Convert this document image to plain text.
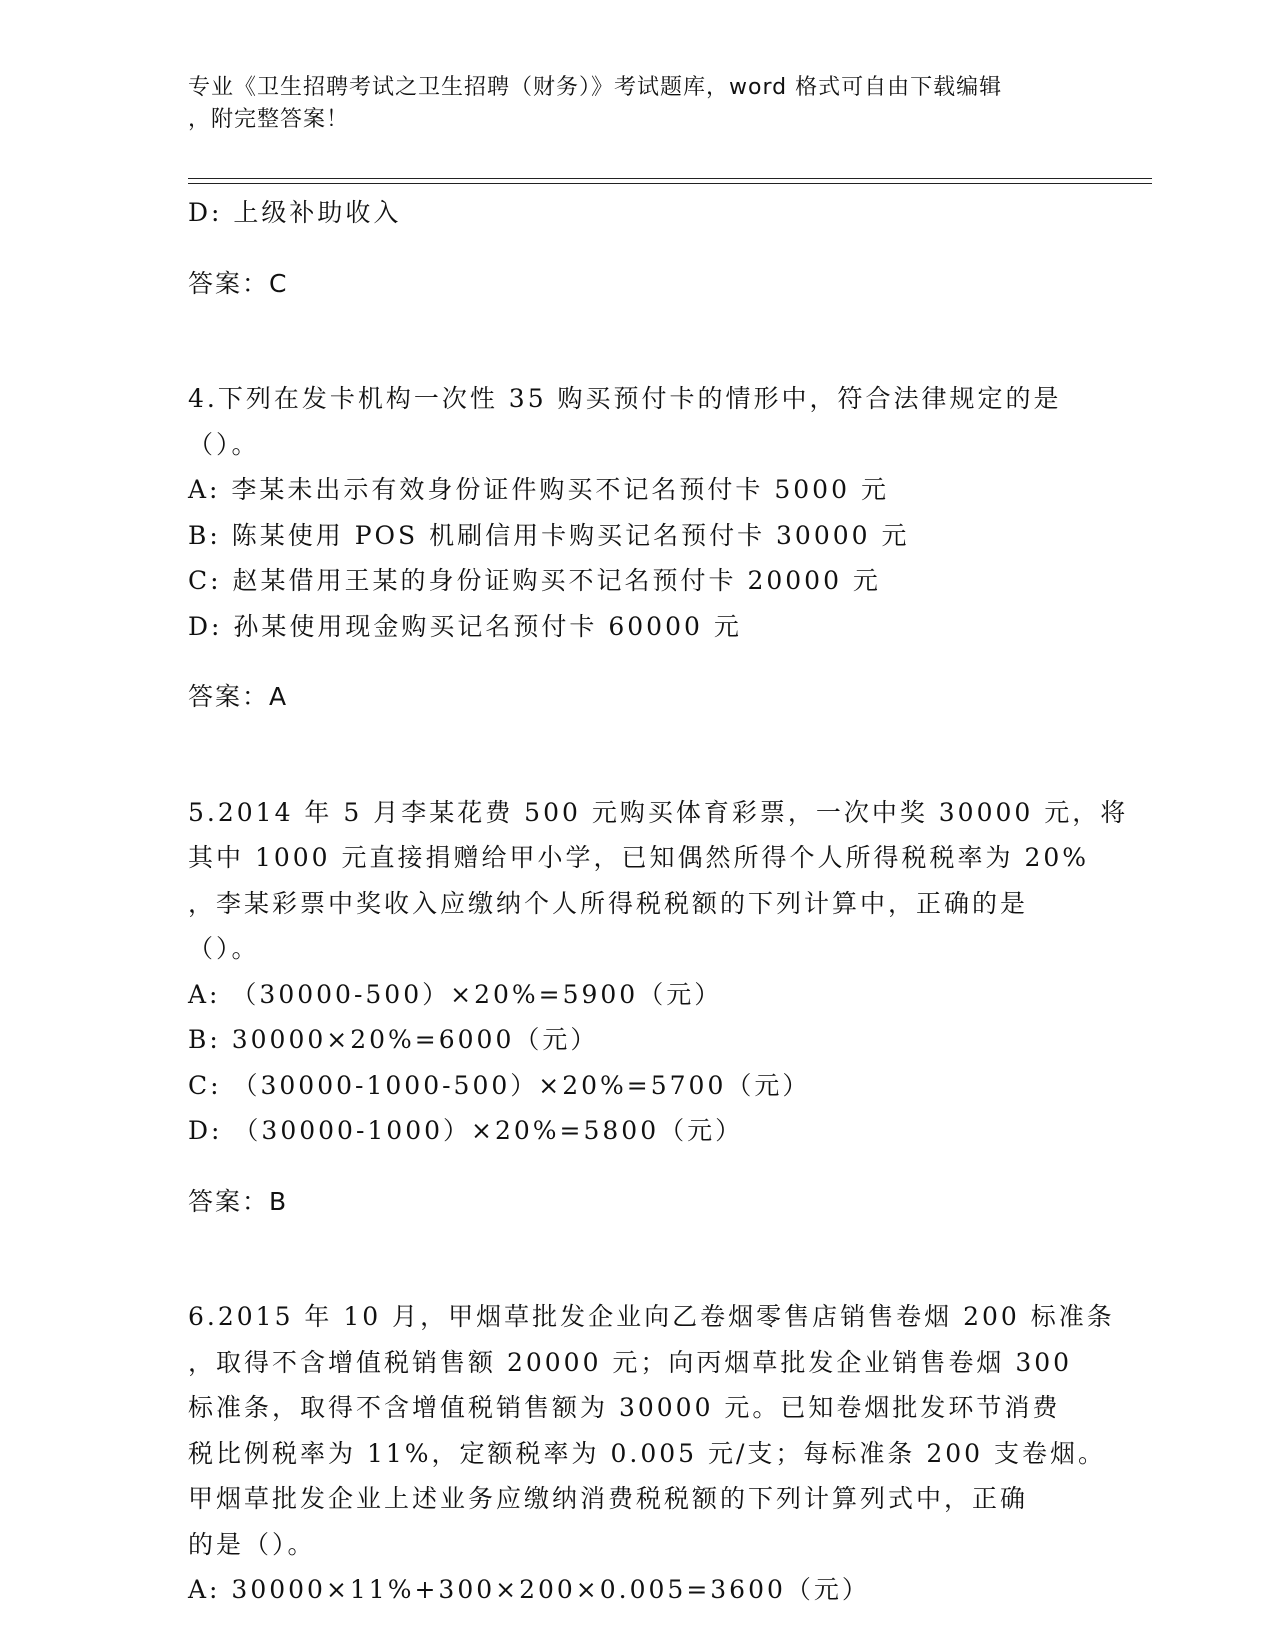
专业《卫生招聘考试之卫生招聘（财务）》考试题库，word 格式可自由下载编辑
，附完整答案！

D: 上级补助收入

答案：C

4.下列在发卡机构一次性 35 购买预付卡的情形中，符合法律规定的是

（）。

A: 李某未出示有效身份证件购买不记名预付卡 5000 元

B: 陈某使用 POS 机刷信用卡购买记名预付卡 30000 元

C: 赵某借用王某的身份证购买不记名预付卡 20000 元

D: 孙某使用现金购买记名预付卡 60000 元

答案：A

5.2014 年 5 月李某花费 500 元购买体育彩票，一次中奖 30000 元，将

其中 1000 元直接捐赠给甲小学，已知偶然所得个人所得税税率为 20%

，李某彩票中奖收入应缴纳个人所得税税额的下列计算中，正确的是

（）。

A: （30000-500）×20%=5900（元）

B: 30000×20%=6000（元）

C: （30000-1000-500）×20%=5700（元）

D: （30000-1000）×20%=5800（元）

答案：B

6.2015 年 10 月，甲烟草批发企业向乙卷烟零售店销售卷烟 200 标准条

，取得不含增值税销售额 20000 元；向丙烟草批发企业销售卷烟 300

标准条，取得不含增值税销售额为 30000 元。已知卷烟批发环节消费

税比例税率为 11%，定额税率为 0.005 元/支；每标准条 200 支卷烟。

甲烟草批发企业上述业务应缴纳消费税税额的下列计算列式中，正确

的是（）。

A: 30000×11%+300×200×0.005=3600（元）
